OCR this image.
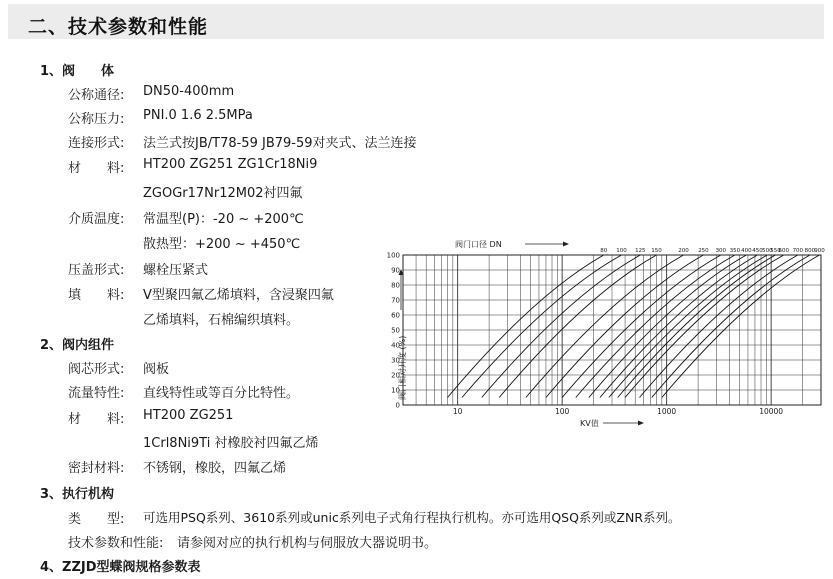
二、技术参数和性能
1、阀　　体
公称通径: DN50-400mm
公称压力: PNI.0 1.6 2.5MPa
连接形式: 法兰式按JB/T78-59 JB79-59对夹式、法兰连接
材　　料: HT200 ZG251 ZG1Cr18Ni9
ZGOGr17Nr12M02衬四氟
介质温度: 常温型(P)：-20 ~ +200℃
散热型：+200 ~ +450℃
压盖形式: 螺栓压紧式
填　　料: V型聚四氟乙烯填料，含浸聚四氟
乙烯填料，石棉编织填料。
2、阀内组件
阀芯形式: 阀板
流量特性: 直线特性或等百分比特性。
材　　料: HT200 ZG251
1Crl8Ni9Ti 衬橡胶衬四氟乙烯
密封材料: 不锈钢，橡胶，四氟乙烯
3、执行机构
类　　型: 可选用PSQ系列、3610系列或unic系列电子式角行程执行机构。亦可选用QSQ系列或ZNR系列。
技术参数和性能: 请参阅对应的执行机构与伺服放大器说明书。
4、ZZJD型蝶阀规格参数表
0
10
20
30
40
50
60
70
80
90
100
10	100	1000	10000
80 100 125 150	200 250 300 350 400 450 500
550
600 700 800 900
阀门口径 DN
KV值
阀门相对开度 (%)
